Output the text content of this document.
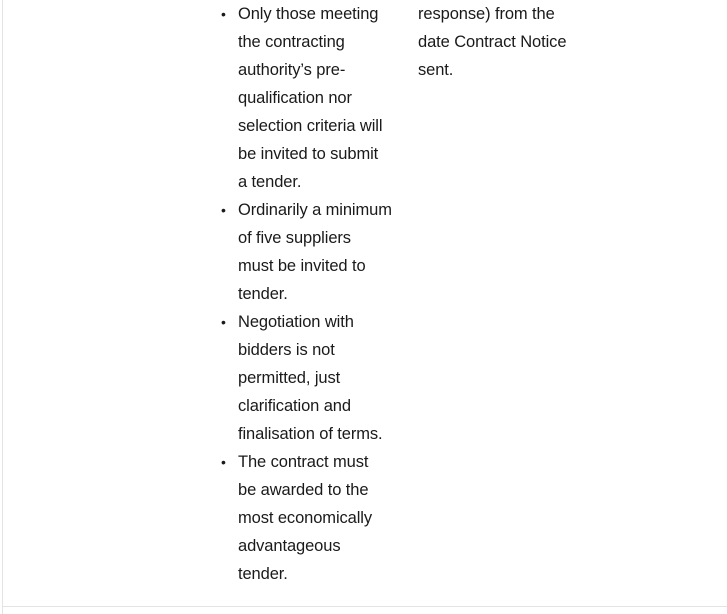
• Only those meeting
the contracting
authority’s pre-
qualification nor
selection criteria will
be invited to submit
a tender.
• Ordinarily a minimum
of five suppliers
must be invited to
tender.
• Negotiation with
bidders is not
permitted, just
clarification and
finalisation of terms.
• The contract must
be awarded to the
most economically
advantageous
tender.

response) from the
date Contract Notice
sent.
